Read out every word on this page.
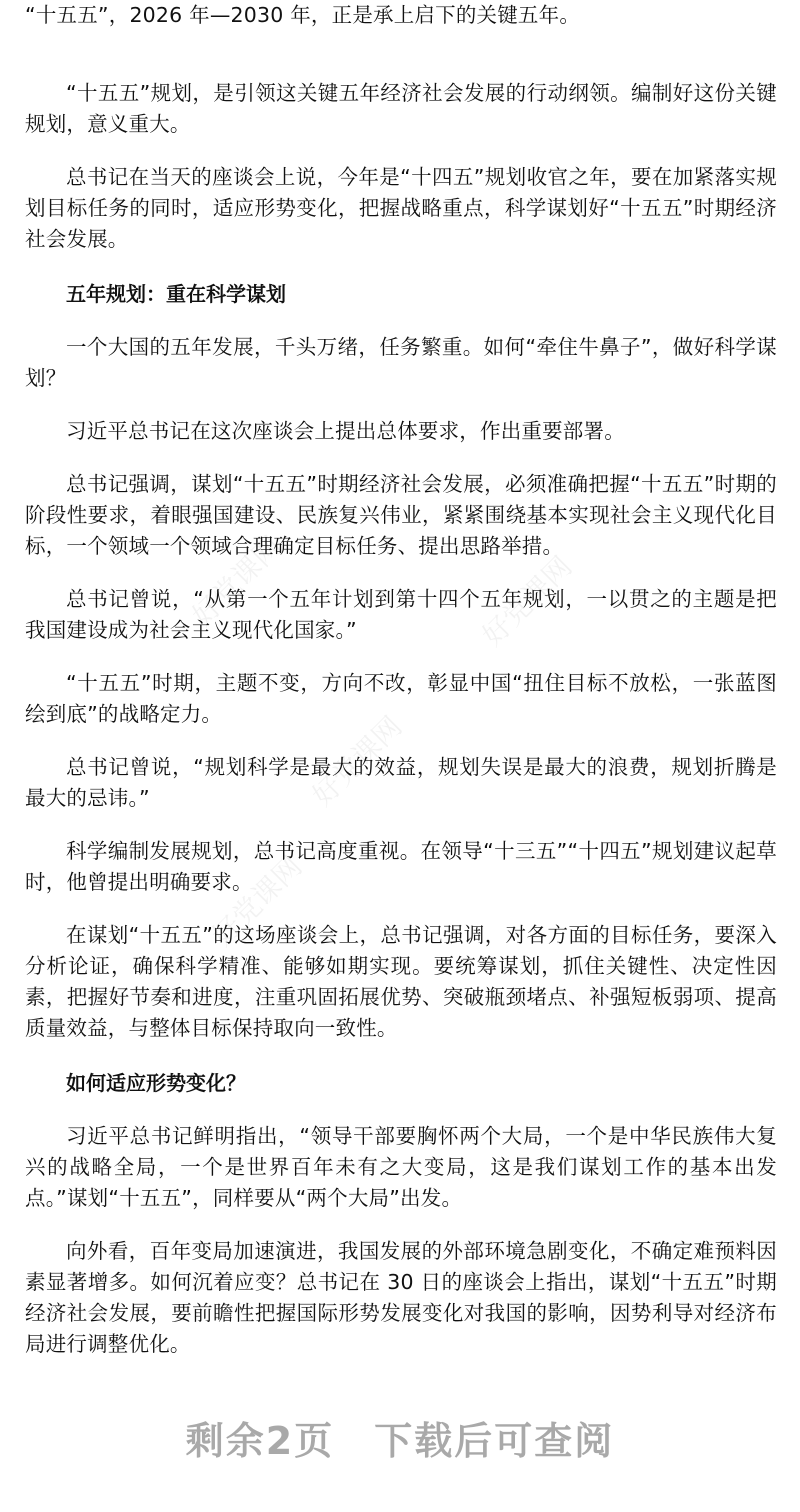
好党课网	好党课网
好党课网
好党课网

“十五五”，2026 年—2030 年，正是承上启下的关键五年。

“十五五”规划，是引领这关键五年经济社会发展的行动纲领。编制好这份关键规划，意义重大。

总书记在当天的座谈会上说，今年是“十四五”规划收官之年，要在加紧落实规划目标任务的同时，适应形势变化，把握战略重点，科学谋划好“十五五”时期经济社会发展。

五年规划：重在科学谋划

一个大国的五年发展，千头万绪，任务繁重。如何“牵住牛鼻子”，做好科学谋划？

习近平总书记在这次座谈会上提出总体要求，作出重要部署。

总书记强调，谋划“十五五”时期经济社会发展，必须准确把握“十五五”时期的阶段性要求，着眼强国建设、民族复兴伟业，紧紧围绕基本实现社会主义现代化目标，一个领域一个领域合理确定目标任务、提出思路举措。

总书记曾说，“从第一个五年计划到第十四个五年规划，一以贯之的主题是把我国建设成为社会主义现代化国家。”

“十五五”时期，主题不变，方向不改，彰显中国“扭住目标不放松，一张蓝图绘到底”的战略定力。

总书记曾说，“规划科学是最大的效益，规划失误是最大的浪费，规划折腾是最大的忌讳。”

科学编制发展规划，总书记高度重视。在领导“十三五”“十四五”规划建议起草时，他曾提出明确要求。

在谋划“十五五”的这场座谈会上，总书记强调，对各方面的目标任务，要深入分析论证，确保科学精准、能够如期实现。要统筹谋划，抓住关键性、决定性因素，把握好节奏和进度，注重巩固拓展优势、突破瓶颈堵点、补强短板弱项、提高质量效益，与整体目标保持取向一致性。

如何适应形势变化？

习近平总书记鲜明指出，“领导干部要胸怀两个大局，一个是中华民族伟大复兴的战略全局，一个是世界百年未有之大变局，这是我们谋划工作的基本出发点。”谋划“十五五”，同样要从“两个大局”出发。

向外看，百年变局加速演进，我国发展的外部环境急剧变化，不确定难预料因素显著增多。如何沉着应变？总书记在 30 日的座谈会上指出，谋划“十五五”时期经济社会发展，要前瞻性把握国际形势发展变化对我国的影响，因势利导对经济布局进行调整优化。

剩余2页 下载后可查阅
